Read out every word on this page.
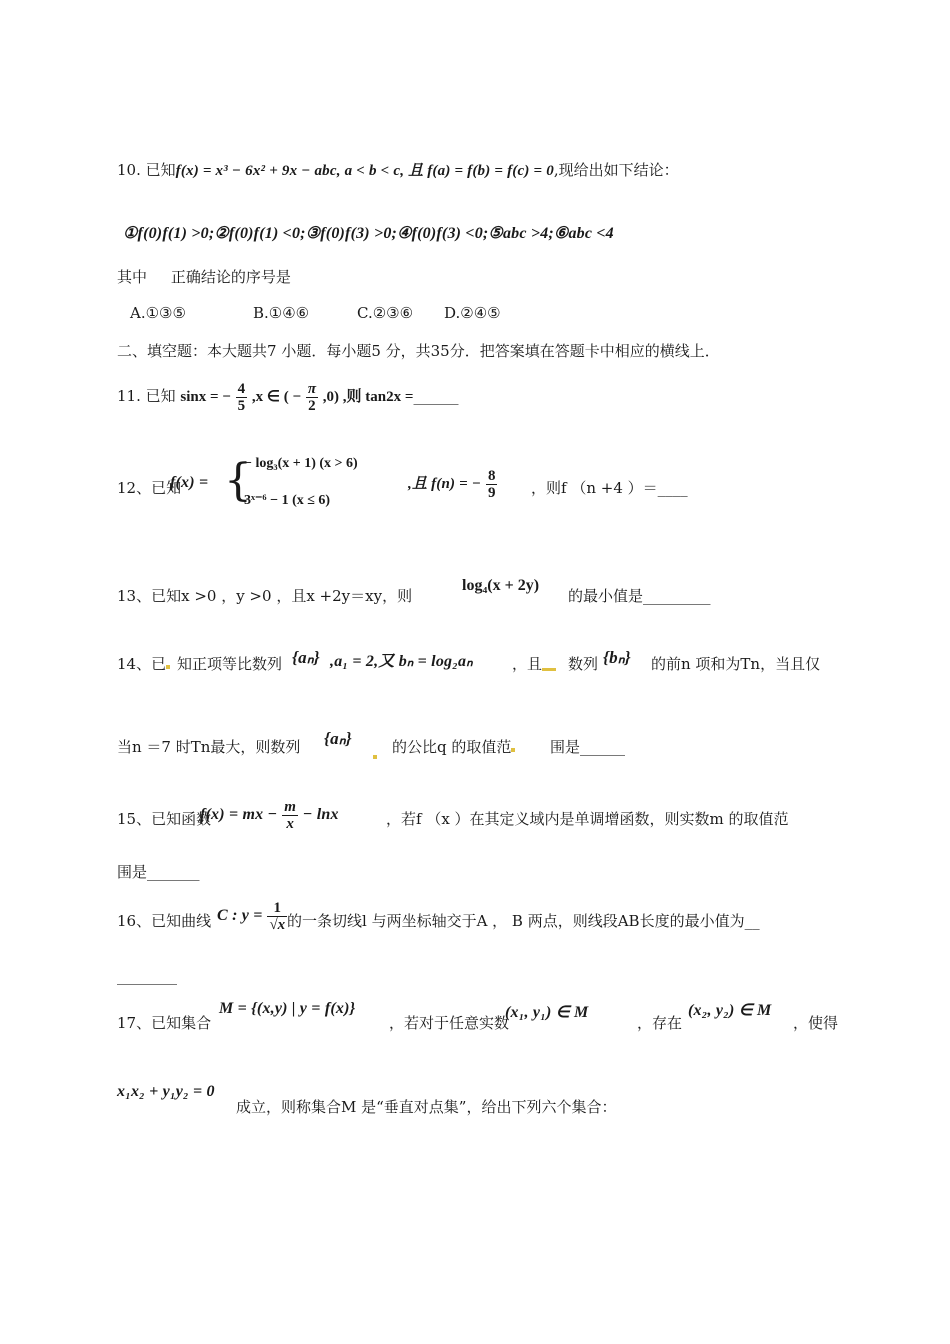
10. 已知f(x) = x³ − 6x² + 9x − abc, a < b < c, 且 f(a) = f(b) = f(c) = 0,现给出如下结论：
①f(0)f(1) >0;②f(0)f(1) <0;③f(0)f(3) >0;④f(0)f(3) <0;⑤abc >4;⑥abc <4
其中     正确结论的序号是
A.①③⑤	B.①④⑥	C.②③⑥ D.②④⑤
二、填空题：本大题共7 小题．每小题5 分，共35分．把答案填在答题卡中相应的横线上．
11. 已知 sinx = − $\frac{4}{5} ,x$ ∈ ( − $\frac{\pi}{2} ,0$) ,则 tan2x =______
12、已知
f(x) = {
− log₃(x + 1) (x > 6)
3ˣ⁻⁶ − 1 (x ≤ 6)
,且 f(n) = − $\frac{8}{9}$ ，则f （n +4 ）＝____
13、已知x >0 ，y >0 ，且x +2y＝xy，则
log₄(x + 2y)
的最小值是_________
14、已 知正项等比数列 {aₙ} ,a₁ = 2,又 bₙ = log₂aₙ	，且	数列 {bₙ} 的前n 项和为Tn，当且仅
当n ＝7 时Tn最大，则数列 {aₙ}	的公比q 的取值范	围是______
15、已知函数
f(x) = mx − $\frac{m}{x} - \ln x$	，若f （x ）在其定义域内是单调增函数，则实数m 的取值范
围是_______
16、已知曲线 C : $y = \frac{1}{√x}$ 的一条切线l 与两坐标轴交于A ， B 两点，则线段AB长度的最小值为__
________
17、已知集合
M = {(x,y) | y = f(x)}
，若对于任意实数
(x₁, y₁) ∈ M
，存在
(x₂, y₂) ∈ M
，使得
x₁x₂ + y₁y₂ = 0
成立，则称集合M 是“垂直对点集”，给出下列六个集合：
